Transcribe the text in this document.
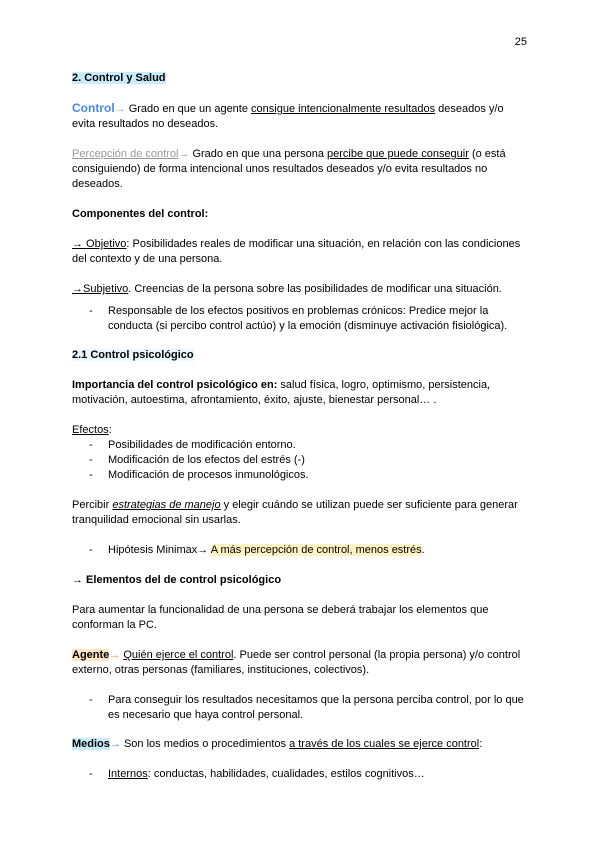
25

2. Control y Salud

Control→ Grado en que un agente consigue intencionalmente resultados deseados y/o evita resultados no deseados.

Percepción de control→ Grado en que una persona percibe que puede conseguir (o está consiguiendo) de forma intencional unos resultados deseados y/o evita resultados no deseados.

Componentes del control:

→ Objetivo: Posibilidades reales de modificar una situación, en relación con las condiciones del contexto y de una persona.

→Subjetivo. Creencias de la persona sobre las posibilidades de modificar una situación.

-	Responsable de los efectos positivos en problemas crónicos: Predice mejor la conducta (si percibo control actúo) y la emoción (disminuye activación fisiológica).

2.1 Control psicológico

Importancia del control psicológico en: salud física, logro, optimismo, persistencia, motivación, autoestima, afrontamiento, éxito, ajuste, bienestar personal… .

Efectos:

-	Posibilidades de modificación entorno.
-	Modificación de los efectos del estrés (-)
-	Modificación de procesos inmunológicos.

Percibir estrategias de manejo y elegir cuándo se utilizan puede ser suficiente para generar tranquilidad emocional sin usarlas.

-	Hipótesis Minimax→ A más percepción de control, menos estrés.

→ Elementos del de control psicológico

Para aumentar la funcionalidad de una persona se deberá trabajar los elementos que conforman la PC.

Agente→ Quién ejerce el control. Puede ser control personal (la propia persona) y/o control externo, otras personas (familiares, instituciones, colectivos).

-	Para conseguir los resultados necesitamos que la persona perciba control, por lo que es necesario que haya control personal.

Medios→ Son los medios o procedimientos a través de los cuales se ejerce control:

-	Internos: conductas, habilidades, cualidades, estilos cognitivos…
